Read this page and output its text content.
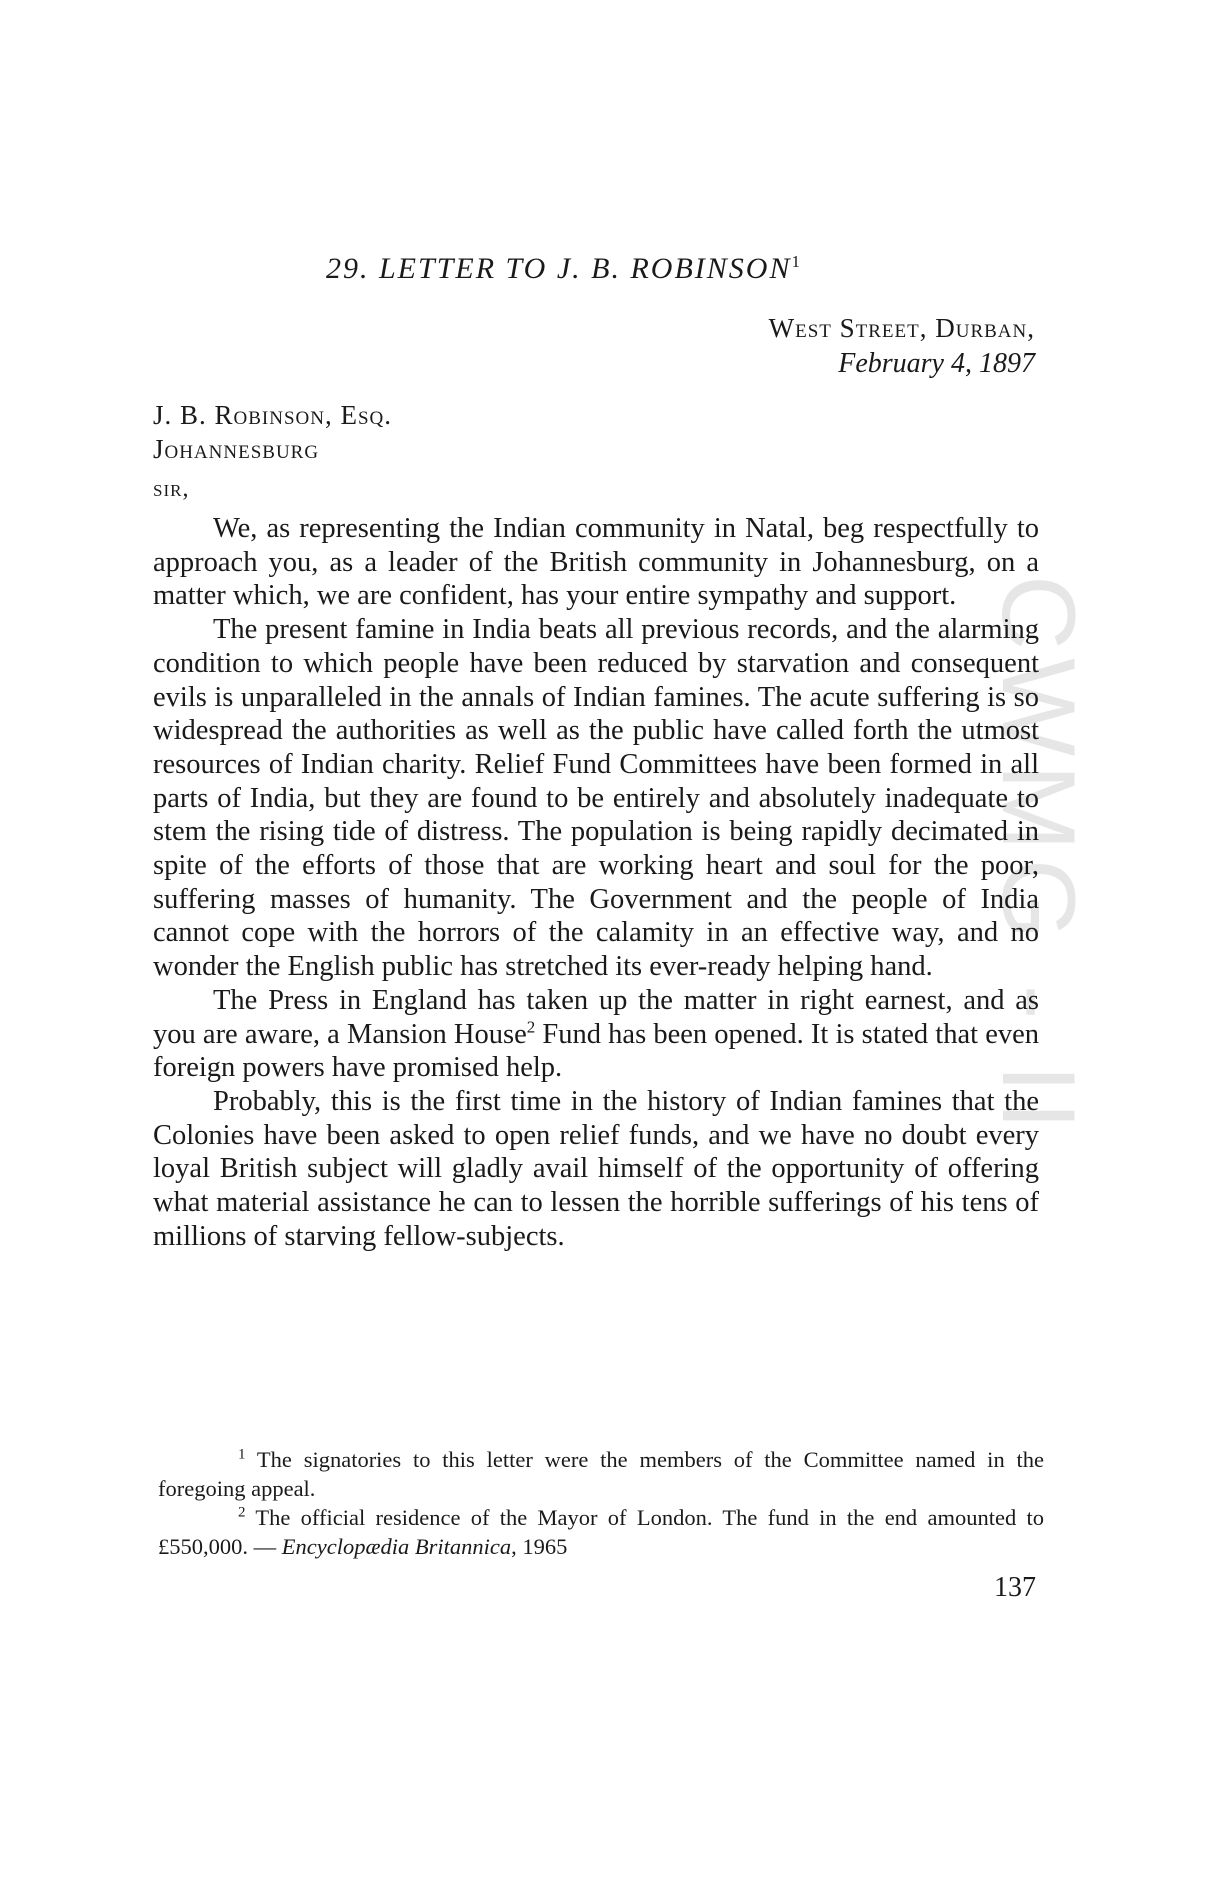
CWMG - II
29. LETTER TO J. B. ROBINSON$^1$
West Street, Durban,
February 4, 1897
J. B. Robinson, Esq.
Johannesburg
sir,

We, as representing the Indian community in Natal, beg respectfully to approach you, as a leader of the British community in Johannesburg, on a matter which, we are confident, has your entire sympathy and support.

The present famine in India beats all previous records, and the alarming condition to which people have been reduced by starvation and consequent evils is unparalleled in the annals of Indian famines. The acute suffering is so widespread the authorities as well as the public have called forth the utmost resources of Indian charity. Relief Fund Committees have been formed in all parts of India, but they are found to be entirely and absolutely inadequate to stem the rising tide of distress. The population is being rapidly decimated in spite of the efforts of those that are working heart and soul for the poor, suffering masses of humanity. The Government and the people of India cannot cope with the horrors of the calamity in an effective way, and no wonder the English public has stretched its ever-ready helping hand.

The Press in England has taken up the matter in right earnest, and as you are aware, a Mansion House$^2$ Fund has been opened. It is stated that even foreign powers have promised help.

Probably, this is the first time in the history of Indian famines that the Colonies have been asked to open relief funds, and we have no doubt every loyal British subject will gladly avail himself of the opportunity of offering what material assistance he can to lessen the horrible sufferings of his tens of millions of starving fellow-subjects.

$^1$ The signatories to this letter were the members of the Committee named in the foregoing appeal.

$^2$ The official residence of the Mayor of London. The fund in the end amounted to £550,000. — Encyclopædia Britannica, 1965

137
